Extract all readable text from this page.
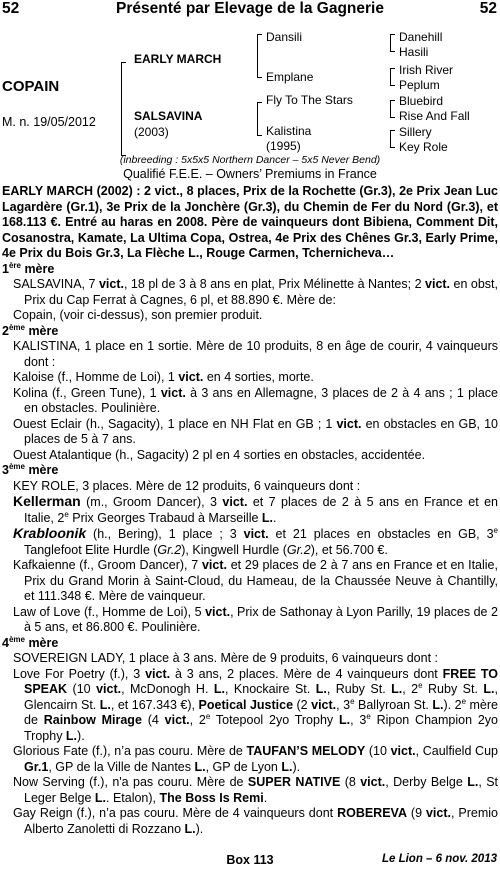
52	Présenté par Elevage de la Gagnerie	52
COPAIN
M. n. 19/05/2012
EARLY MARCH
SALSAVINA
(2003)
Dansili
Emplane
Fly To The Stars
Kalistina
(1995)
Danehill
Hasili
Irish River
Peplum
Bluebird
Rise And Fall
Sillery
Key Role
(inbreeding : 5x5x5 Northern Dancer – 5x5 Never Bend)
Qualifié F.E.E. – Owners’ Premiums in France

EARLY MARCH (2002) : 2 vict., 8 places, Prix de la Rochette (Gr.3), 2e Prix Jean Luc Lagardère (Gr.1), 3e Prix de la Jonchère (Gr.3), du Chemin de Fer du Nord (Gr.3), et 168.113 €. Entré au haras en 2008. Père de vainqueurs dont Bibiena, Comment Dit, Cosanostra, Kamate, La Ultima Copa, Ostrea, 4e Prix des Chênes Gr.3, Early Prime, 4e Prix du Bois Gr.3, La Flèche L., Rouge Carmen, Tchernicheva…

1ère mère

SALSAVINA, 7 vict., 18 pl de 3 à 8 ans en plat, Prix Mélinette à Nantes; 2 vict. en obst, Prix du Cap Ferrat à Cagnes, 6 pl, et 88.890 €. Mère de:

Copain, (voir ci-dessus), son premier produit.

2ème mère

KALISTINA, 1 place en 1 sortie. Mère de 10 produits, 8 en âge de courir, 4 vainqueurs dont :

Kaloise (f., Homme de Loi), 1 vict. en 4 sorties, morte.

Kolina (f., Green Tune), 1 vict. à 3 ans en Allemagne, 3 places de 2 à 4 ans ; 1 place en obstacles. Poulinière.

Ouest Eclair (h., Sagacity), 1 place en NH Flat en GB ; 1 vict. en obstacles en GB, 10 places de 5 à 7 ans.

Ouest Atalantique (h., Sagacity) 2 pl en 4 sorties en obstacles, accidentée.

3ème mère

KEY ROLE, 3 places. Mère de 12 produits, 6 vainqueurs dont :

Kellerman (m., Groom Dancer), 3 vict. et 7 places de 2 à 5 ans en France et en Italie, 2e Prix Georges Trabaud à Marseille L..

Krabloonik (h., Bering), 1 place ; 3 vict. et 21 places en obstacles en GB, 3e Tanglefoot Elite Hurdle (Gr.2), Kingwell Hurdle (Gr.2), et 56.700 €.

Kafkaienne (f., Groom Dancer), 7 vict. et 29 places de 2 à 7 ans en France et en Italie, Prix du Grand Morin à Saint-Cloud, du Hameau, de la Chaussée Neuve à Chantilly, et 111.348 €. Mère de vainqueur.

Law of Love (f., Homme de Loi), 5 vict., Prix de Sathonay à Lyon Parilly, 19 places de 2 à 5 ans, et 86.800 €. Poulinière.

4ème mère

SOVEREIGN LADY, 1 place à 3 ans. Mère de 9 produits, 6 vainqueurs dont :

Love For Poetry (f.), 3 vict. à 3 ans, 2 places. Mère de 4 vainqueurs dont FREE TO SPEAK (10 vict., McDonogh H. L., Knockaire St. L., Ruby St. L., 2e Ruby St. L., Glencairn St. L., et 167.343 €), Poetical Justice (2 vict., 3e Ballyroan St. L.). 2e mère de Rainbow Mirage (4 vict., 2e Totepool 2yo Trophy L., 3e Ripon Champion 2yo Trophy L.).

Glorious Fate (f.), n’a pas couru. Mère de TAUFAN’S MELODY (10 vict., Caulfield Cup Gr.1, GP de la Ville de Nantes L., GP de Lyon L.).

Now Serving (f.), n'a pas couru. Mère de SUPER NATIVE (8 vict., Derby Belge L., St Leger Belge L.. Etalon), The Boss Is Remi.

Gay Reign (f.), n’a pas couru. Mère de 4 vainqueurs dont ROBEREVA (9 vict., Premio Alberto Zanoletti di Rozzano L.).

Box 113	Le Lion – 6 nov. 2013
